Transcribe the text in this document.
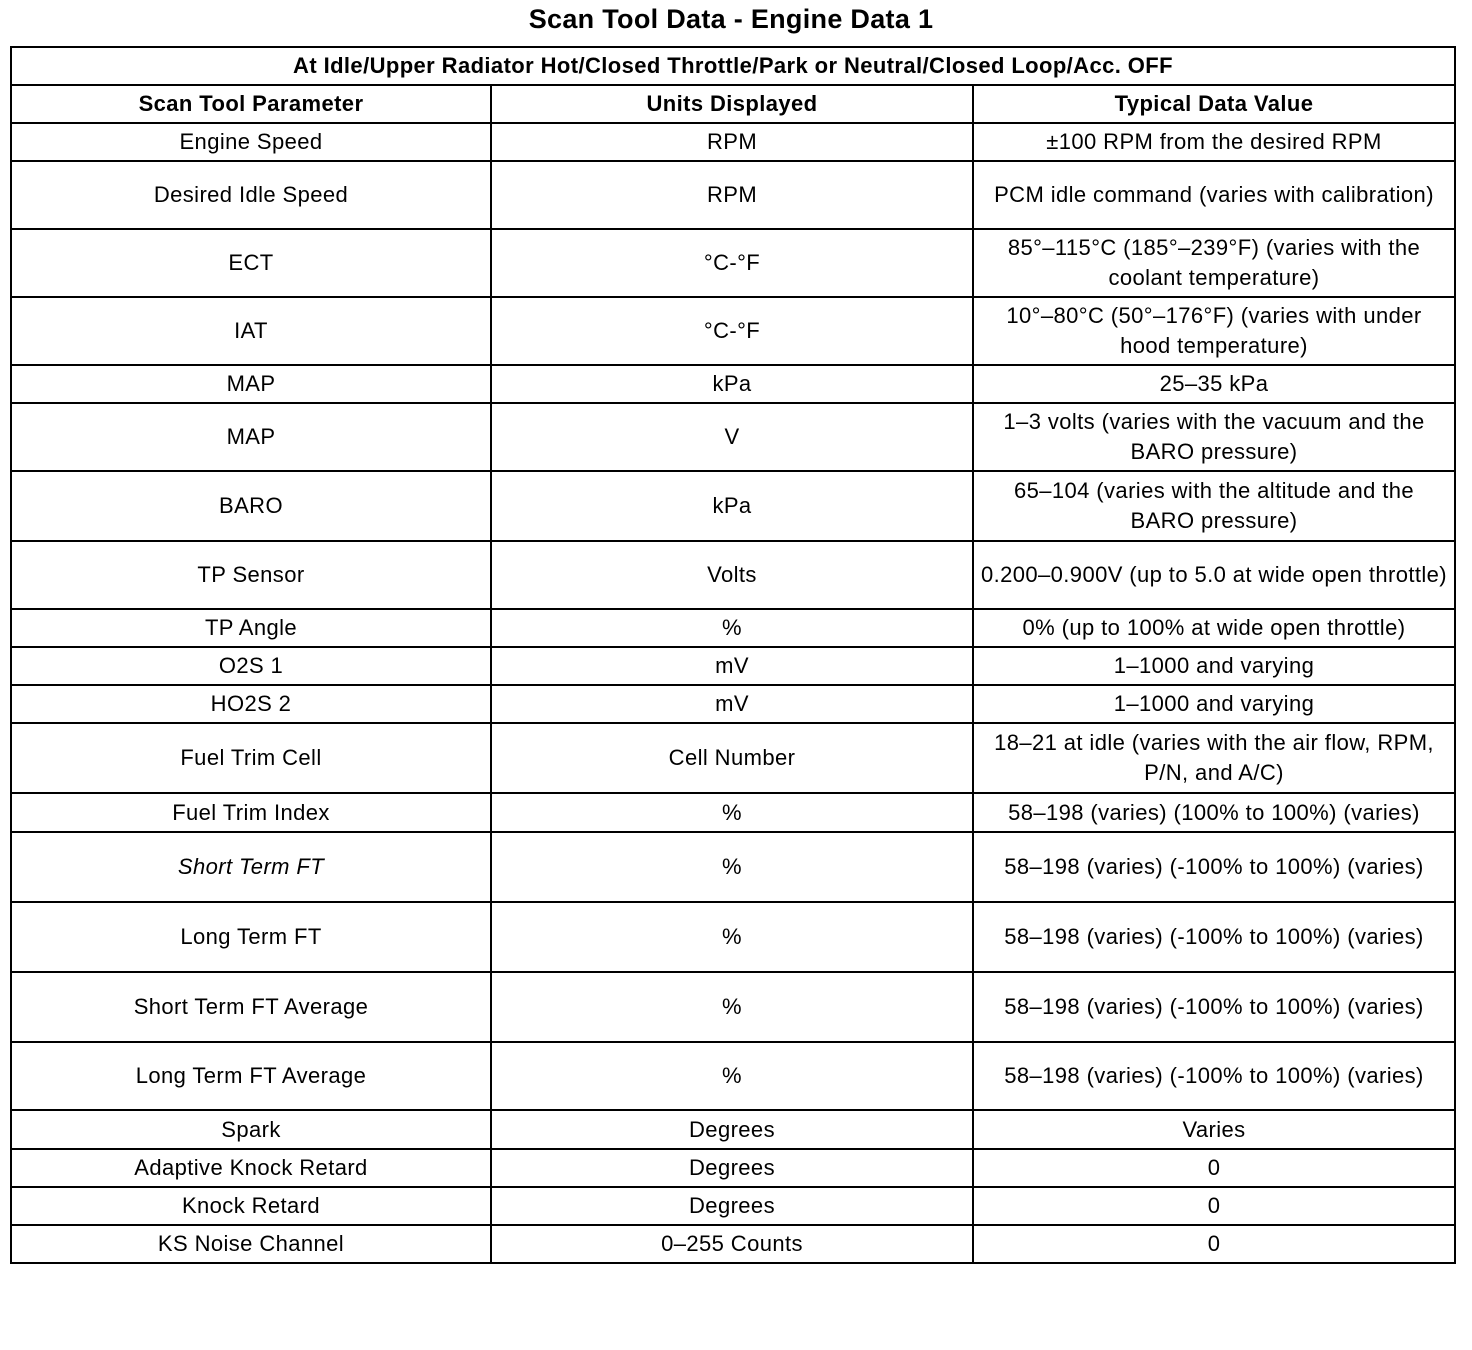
Scan Tool Data - Engine Data 1
At Idle/Upper Radiator Hot/Closed Throttle/Park or Neutral/Closed Loop/Acc. OFF		
Scan Tool Parameter	Units Displayed	Typical Data Value
Engine Speed	RPM	±100 RPM from the desired RPM
Desired Idle Speed	RPM	PCM idle command (varies with calibration)
ECT	°C-°F	85°–115°C (185°–239°F) (varies with the coolant temperature)
IAT	°C-°F	10°–80°C (50°–176°F) (varies with under hood temperature)
MAP	kPa	25–35 kPa
MAP	V	1–3 volts (varies with the vacuum and the BARO pressure)
BARO	kPa	65–104 (varies with the altitude and the BARO pressure)
TP Sensor	Volts	0.200–0.900V (up to 5.0 at wide open throttle)
TP Angle	%	0% (up to 100% at wide open throttle)
O2S 1	mV	1–1000 and varying
HO2S 2	mV	1–1000 and varying
Fuel Trim Cell	Cell Number	18–21 at idle (varies with the air flow, RPM, P/N, and A/C)
Fuel Trim Index	%	58–198 (varies) (100% to 100%) (varies)
Short Term FT	%	58–198 (varies) (-100% to 100%) (varies)
Long Term FT	%	58–198 (varies) (-100% to 100%) (varies)
Short Term FT Average	%	58–198 (varies) (-100% to 100%) (varies)
Long Term FT Average	%	58–198 (varies) (-100% to 100%) (varies)
Spark	Degrees	Varies
Adaptive Knock Retard	Degrees	0
Knock Retard	Degrees	0
KS Noise Channel	0–255 Counts	0
